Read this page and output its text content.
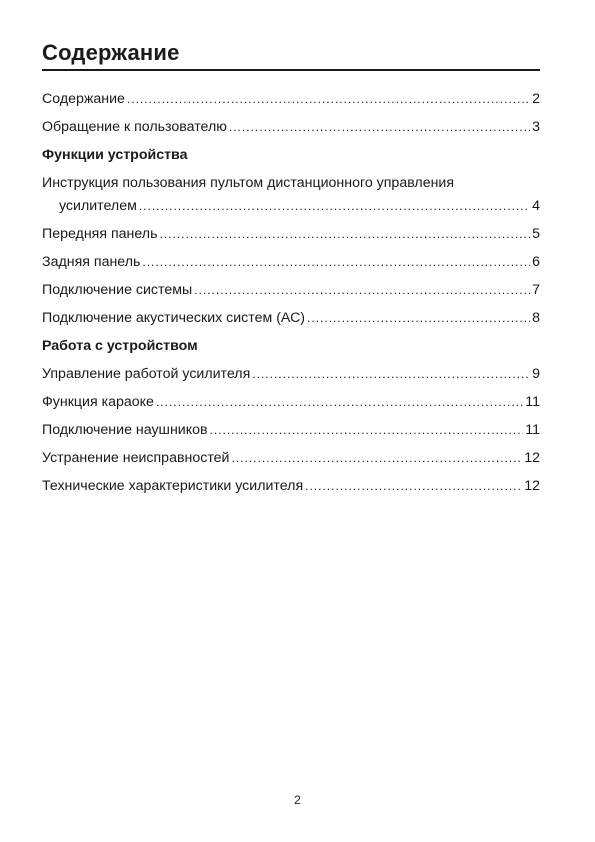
Содержание
Содержание .....	2
Обращение к пользователю .....	3
Функции устройства
Инструкция пользования пультом дистанционного управления
усилителем .....	4
Передняя панель .....	5
Задняя панель .....	6
Подключение системы .....	7
Подключение акустических систем (АС) .....	8
Работа с устройством
Управление работой усилителя .....	9
Функция караоке .....	11
Подключение наушников .....	11
Устранение неисправностей .....	12
Технические характеристики усилителя .....	12
2
